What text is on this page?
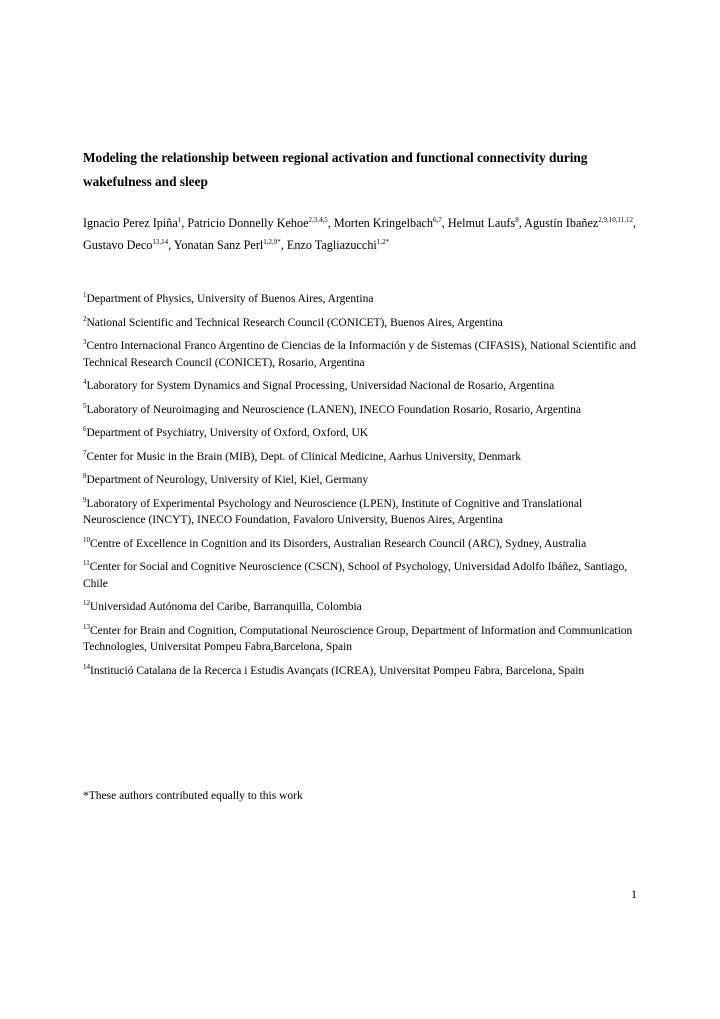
Modeling the relationship between regional activation and functional connectivity during wakefulness and sleep

Ignacio Perez Ipiña$^1$, Patricio Donnelly Kehoe$^{2,3,4,5}$, Morten Kringelbach$^{6,7}$, Helmut Laufs$^8$, Agustín Ibañez$^{2,9,10,11,12}$, Gustavo Deco$^{13,14}$, Yonatan Sanz Perl$^{1,2,9*}$, Enzo Tagliazucchi$^{1,2*}$

$^1$Department of Physics, University of Buenos Aires, Argentina
$^2$National Scientific and Technical Research Council (CONICET), Buenos Aires, Argentina
$^3$Centro Internacional Franco Argentino de Ciencias de la Información y de Sistemas (CIFASIS), National Scientific and Technical Research Council (CONICET), Rosario, Argentina
$^4$Laboratory for System Dynamics and Signal Processing, Universidad Nacional de Rosario, Argentina
$^5$Laboratory of Neuroimaging and Neuroscience (LANEN), INECO Foundation Rosario, Rosario, Argentina
$^6$Department of Psychiatry, University of Oxford, Oxford, UK
$^7$Center for Music in the Brain (MIB), Dept. of Clinical Medicine, Aarhus University, Denmark
$^8$Department of Neurology, University of Kiel, Kiel, Germany
$^9$Laboratory of Experimental Psychology and Neuroscience (LPEN), Institute of Cognitive and Translational Neuroscience (INCYT), INECO Foundation, Favaloro University, Buenos Aires, Argentina
$^{10}$Centre of Excellence in Cognition and its Disorders, Australian Research Council (ARC), Sydney, Australia
$^{11}$Center for Social and Cognitive Neuroscience (CSCN), School of Psychology, Universidad Adolfo Ibáñez, Santiago, Chile
$^{12}$Universidad Autónoma del Caribe, Barranquilla, Colombia
$^{13}$Center for Brain and Cognition, Computational Neuroscience Group, Department of Information and Communication Technologies, Universitat Pompeu Fabra,Barcelona, Spain
$^{14}$Institució Catalana de la Recerca i Estudis Avançats (ICREA), Universitat Pompeu Fabra, Barcelona, Spain

*These authors contributed equally to this work

1
